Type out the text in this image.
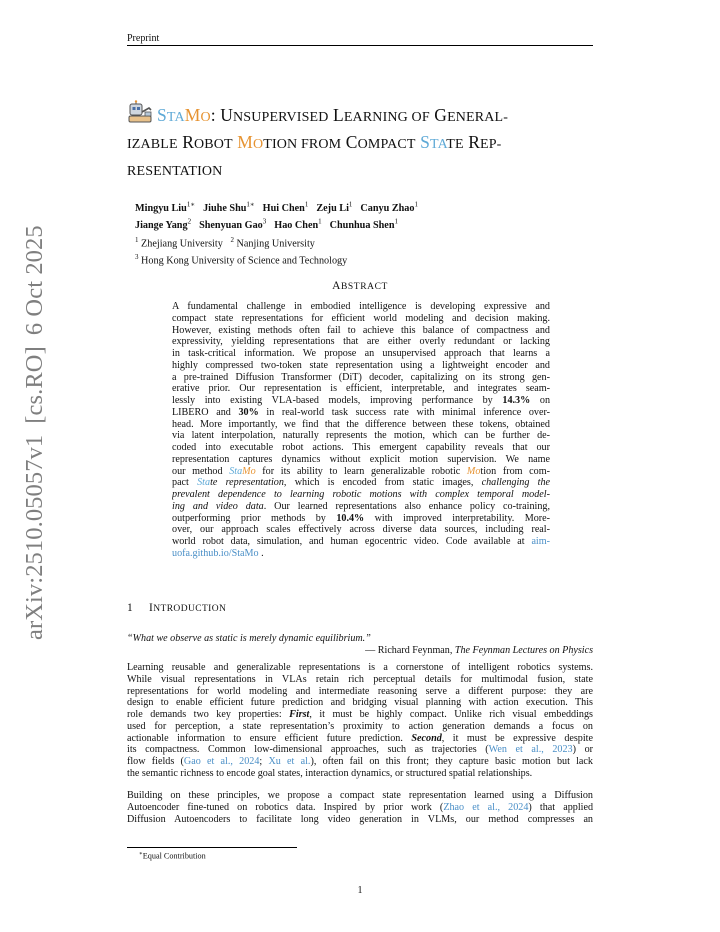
Preprint
arXiv:2510.05057v1[cs.RO]6 Oct 2025
STAMO: UNSUPERVISED LEARNING OF GENERAL-
IZABLE ROBOT MOTION FROM COMPACT STATE REP-
RESENTATION
Mingyu Liu$^{1∗}$ Jiuhe Shu$^{1∗}$ Hui Chen$^1$ Zeju Li$^1$ Canyu Zhao$^1$
Jiange Yang$^2$ Shenyuan Gao$^3$ Hao Chen$^1$ Chunhua Shen$^1$
$^1$ Zhejiang University $^2$ Nanjing University
$^3$ Hong Kong University of Science and Technology
ABSTRACT
A fundamental challenge in embodied intelligence is developing expressive and
compact state representations for efficient world modeling and decision making.
However, existing methods often fail to achieve this balance of compactness and
expressivity, yielding representations that are either overly redundant or lacking
in task-critical information. We propose an unsupervised approach that learns a
highly compressed two-token state representation using a lightweight encoder and
a pre-trained Diffusion Transformer (DiT) decoder, capitalizing on its strong gen-
erative prior. Our representation is efficient, interpretable, and integrates seam-
lessly into existing VLA-based models, improving performance by 14.3% on
LIBERO and 30% in real-world task success rate with minimal inference over-
head. More importantly, we find that the difference between these tokens, obtained
via latent interpolation, naturally represents the motion, which can be further de-
coded into executable robot actions. This emergent capability reveals that our
representation captures dynamics without explicit motion supervision. We name
our method StaMo for its ability to learn generalizable robotic Motion from com-
pact State representation, which is encoded from static images, challenging the
prevalent dependence to learning robotic motions with complex temporal model-
ing and video data. Our learned representations also enhance policy co-training,
outperforming prior methods by 10.4% with improved interpretability. More-
over, our approach scales effectively across diverse data sources, including real-
world robot data, simulation, and human egocentric video. Code available at aim-
uofa.github.io/StaMo .
1 INTRODUCTION
“What we observe as static is merely dynamic equilibrium.”
— Richard Feynman, The Feynman Lectures on Physics
Learning reusable and generalizable representations is a cornerstone of intelligent robotics systems.
While visual representations in VLAs retain rich perceptual details for multimodal fusion, state
representations for world modeling and intermediate reasoning serve a different purpose: they are
design to enable efficient future prediction and bridging visual planning with action execution. This
role demands two key properties: First, it must be highly compact. Unlike rich visual embeddings
used for perception, a state representation’s proximity to action generation demands a focus on
actionable information to ensure efficient future prediction. Second, it must be expressive despite
its compactness. Common low-dimensional approaches, such as trajectories (Wen et al., 2023) or
flow fields (Gao et al., 2024; Xu et al.), often fail on this front; they capture basic motion but lack
the semantic richness to encode goal states, interaction dynamics, or structured spatial relationships.
Building on these principles, we propose a compact state representation learned using a Diffusion
Autoencoder fine-tuned on robotics data. Inspired by prior work (Zhao et al., 2024) that applied
Diffusion Autoencoders to facilitate long video generation in VLMs, our method compresses an
∗Equal Contribution
1
